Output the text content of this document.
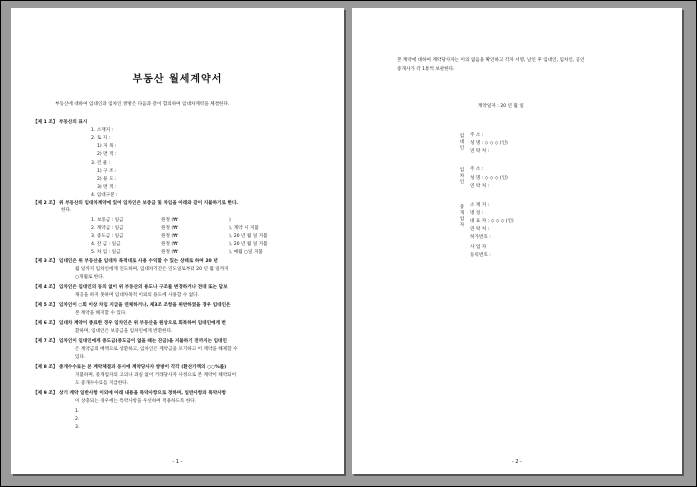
부동산 월세계약서
부동산에 대하여 임대인과 임차인 쌍방은 다음과 같이 합의하여 임대차계약을 체결한다.
【제 1 조】 부동산의 표시
1. 소재지 :
2. 토 지 :
1) 지 목 :
2) 면 적 :
3. 건 물 :
1) 구 조 :
2) 용 도 :
3) 면 적 :
4. 임대구분 :
【제 2 조】 위 부동산의 임대차계약에 있어 임차인은 보증금 및 차임을 아래와 같이 지불하기로 한다.
한다.
1. 보증금 : 일금	원정 (₩	)
2. 계약금 : 일금	원정 (₩	), 계약 시 지불
3. 중도금 : 일금	원정 (₩	), 20 년 월 일 지불
4. 잔 금 : 일금	원정 (₩	), 20 년 월 일 지불
5. 차 임 : 일금	원정 (₩	), 매월 ○일 지불
【제 3 조】 임대인은 위 부동산을 임대차 목적대로 사용 수익할 수 있는 상태로 하여 20 년
월 일까지 임차인에게 인도하며, 임대차기간은 인도일로부터 20 년 월 일까지
○개월로 한다.
【제 4 조】 임차인은 임대인의 동의 없이 위 부동산의 용도나 구조를 변경하거나 전대 또는 담보
제공을 하지 못하며 임대차목적 이외의 용도에 사용할 수 없다.
【제 5 조】 임차인이 ○회 이상 차임 지급을 연체하거나, 제3조 조항을 위반하였을 경우 임대인은
본 계약을 해지할 수 있다.
【제 6 조】 임대차 계약이 종료한 경우 임차인은 위 부동산을 원상으로 회복하여 임대인에게 반
환하며, 임대인은 보증금을 임차인에게 반환한다.
【제 7 조】 임차인이 임대인에게 중도금(중도금이 없을 때는 잔금)을 지불하기 전까지는 임대인
은 계약금의 배액으로 상환하고, 임차인은 계약금을 포기하고 이 계약을 해제할 수
있다.
【제 8 조】 중개수수료는 본 계약체결과 동시에 계약당사자 쌍방이 각각 (환산가액의 ○○%를)
지불하며, 중개업자의 고의나 과실 없이 거래당사자 사정으로 본 계약이 해약되어
도 중개수수료를 지급한다.
【제 9 조】 상기 계약 일반사항 이외에 아래 내용을 특약사항으로 정하며, 일반사항과 특약사항
이 상충되는 경우에는 특약사항을 우선하여 적용하도록 한다.
1.
2.
3.
- 1 -
본 계약에 대하여 계약당사자는 이의 없음을 확인하고 각자 서명, 날인 후 임대인, 임차인, 공인
중개사가 각 1통씩 보관한다.
계약일자 : 20 년 월 일
임대인
주 소 :
성 명 : ◇ ◇ ◇ (인)
연 락 처 :
임차인
주 소 :
성 명 : ◇ ◇ ◇ (인)
연 락 처 :
중개업자
소 재 지 :
명 칭 :
대 표 자 : ◇ ◇ ◇ (인)
연 락 처 :
허가번호 :
사 업 자
등록번호 :
- 2 -
